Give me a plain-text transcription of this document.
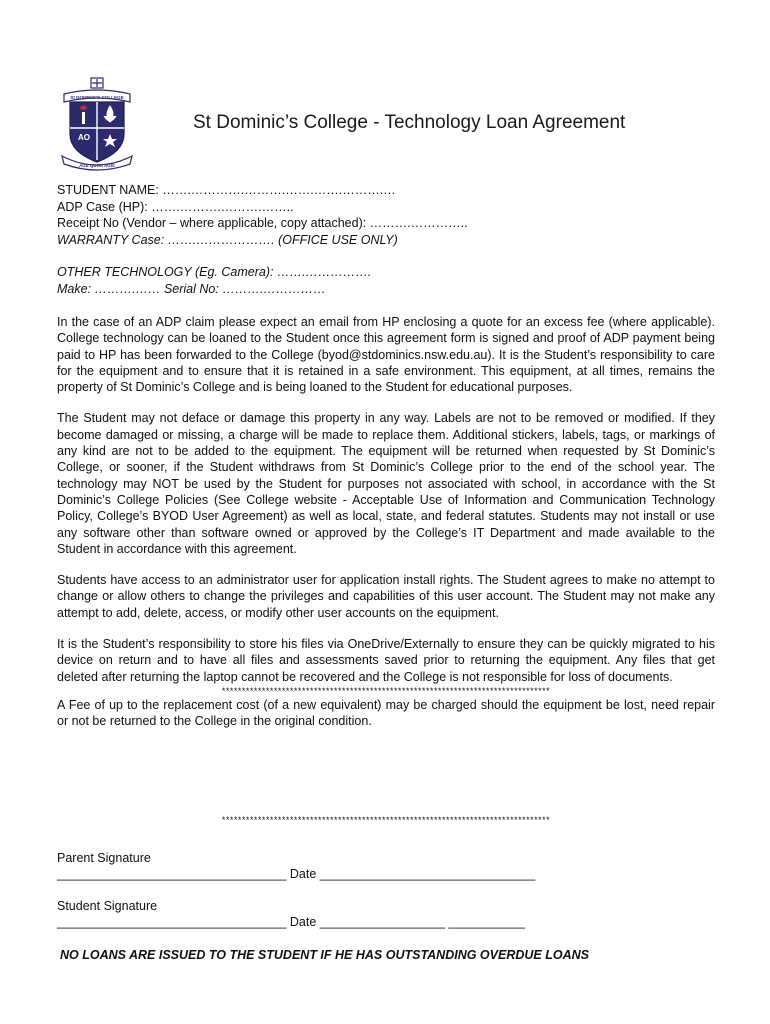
St DOMINIC'S COLLEGE
AO
AGE QUOD AGIS
St Dominic’s College - Technology Loan Agreement
STUDENT NAME: …….………….……….…….…….……….…
ADP Case (HP): …….……….……….……..
Receipt No (Vendor – where applicable, copy attached): ……….…………..
WARRANTY Case: …….………………. (OFFICE USE ONLY)
OTHER TECHNOLOGY (Eg. Camera): …….…………….
Make: ……….…… Serial No: ……….……………

In the case of an ADP claim please expect an email from HP enclosing a quote for an excess fee (where applicable). College technology can be loaned to the Student once this agreement form is signed and proof of ADP payment being paid to HP has been forwarded to the College (byod@stdominics.nsw.edu.au). It is the Student’s responsibility to care for the equipment and to ensure that it is retained in a safe environment. This equipment, at all times, remains the property of St Dominic’s College and is being loaned to the Student for educational purposes.

The Student may not deface or damage this property in any way. Labels are not to be removed or modified. If they become damaged or missing, a charge will be made to replace them. Additional stickers, labels, tags, or markings of any kind are not to be added to the equipment. The equipment will be returned when requested by St Dominic’s College, or sooner, if the Student withdraws from St Dominic’s College prior to the end of the school year. The technology may NOT be used by the Student for purposes not associated with school, in accordance with the St Dominic’s College Policies (See College website - Acceptable Use of Information and Communication Technology Policy, College’s BYOD User Agreement) as well as local, state, and federal statutes. Students may not install or use any software other than software owned or approved by the College’s IT Department and made available to the Student in accordance with this agreement.

Students have access to an administrator user for application install rights. The Student agrees to make no attempt to change or allow others to change the privileges and capabilities of this user account. The Student may not make any attempt to add, delete, access, or modify other user accounts on the equipment.

It is the Student’s responsibility to store his files via OneDrive/Externally to ensure they can be quickly migrated to his device on return and to have all files and assessments saved prior to returning the equipment. Any files that get deleted after returning the laptop cannot be recovered and the College is not responsible for loss of documents.

**********************************************************************************

A Fee of up to the replacement cost (of a new equivalent) may be charged should the equipment be lost, need repair or not be returned to the College in the original condition.

**********************************************************************************
Parent Signature
_________________________________ Date _______________________________
Student Signature
_________________________________ Date __________________ ___________
NO LOANS ARE ISSUED TO THE STUDENT IF HE HAS OUTSTANDING OVERDUE LOANS
